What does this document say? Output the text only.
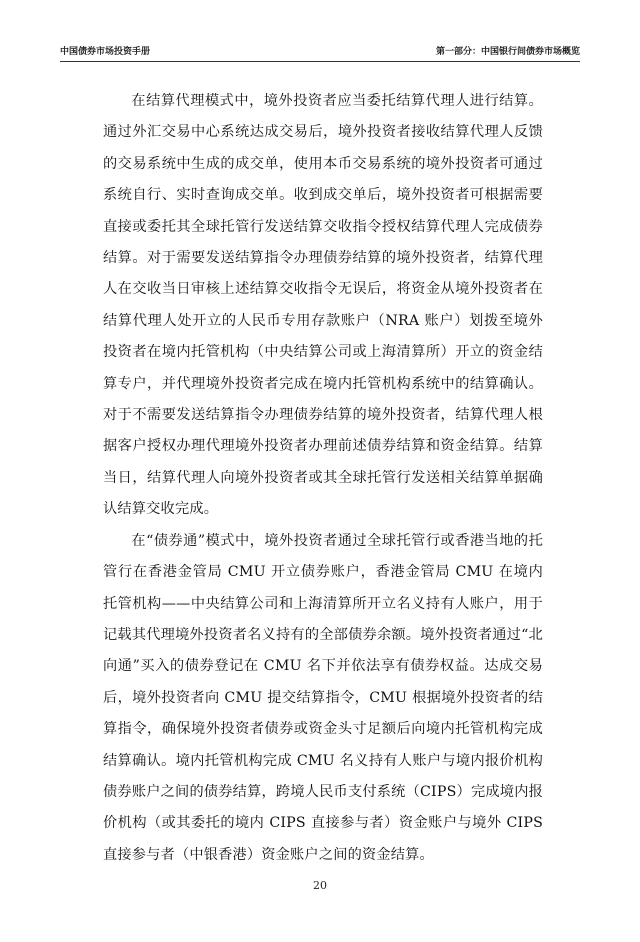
中国债券市场投资手册	第一部分：中国银行间债券市场概览

在结算代理模式中，境外投资者应当委托结算代理人进行结算。通过外汇交易中心系统达成交易后，境外投资者接收结算代理人反馈的交易系统中生成的成交单，使用本币交易系统的境外投资者可通过系统自行、实时查询成交单。收到成交单后，境外投资者可根据需要直接或委托其全球托管行发送结算交收指令授权结算代理人完成债券结算。对于需要发送结算指令办理债券结算的境外投资者，结算代理人在交收当日审核上述结算交收指令无误后，将资金从境外投资者在结算代理人处开立的人民币专用存款账户（NRA 账户）划拨至境外投资者在境内托管机构（中央结算公司或上海清算所）开立的资金结算专户，并代理境外投资者完成在境内托管机构系统中的结算确认。对于不需要发送结算指令办理债券结算的境外投资者，结算代理人根据客户授权办理代理境外投资者办理前述债券结算和资金结算。结算当日，结算代理人向境外投资者或其全球托管行发送相关结算单据确认结算交收完成。

在“债券通”模式中，境外投资者通过全球托管行或香港当地的托管行在香港金管局 CMU 开立债券账户，香港金管局 CMU 在境内托管机构——中央结算公司和上海清算所开立名义持有人账户，用于记载其代理境外投资者名义持有的全部债券余额。境外投资者通过“北向通”买入的债券登记在 CMU 名下并依法享有债券权益。达成交易后，境外投资者向 CMU 提交结算指令，CMU 根据境外投资者的结算指令，确保境外投资者债券或资金头寸足额后向境内托管机构完成结算确认。境内托管机构完成 CMU 名义持有人账户与境内报价机构债券账户之间的债券结算，跨境人民币支付系统（CIPS）完成境内报价机构（或其委托的境内 CIPS 直接参与者）资金账户与境外 CIPS 直接参与者（中银香港）资金账户之间的资金结算。

20
